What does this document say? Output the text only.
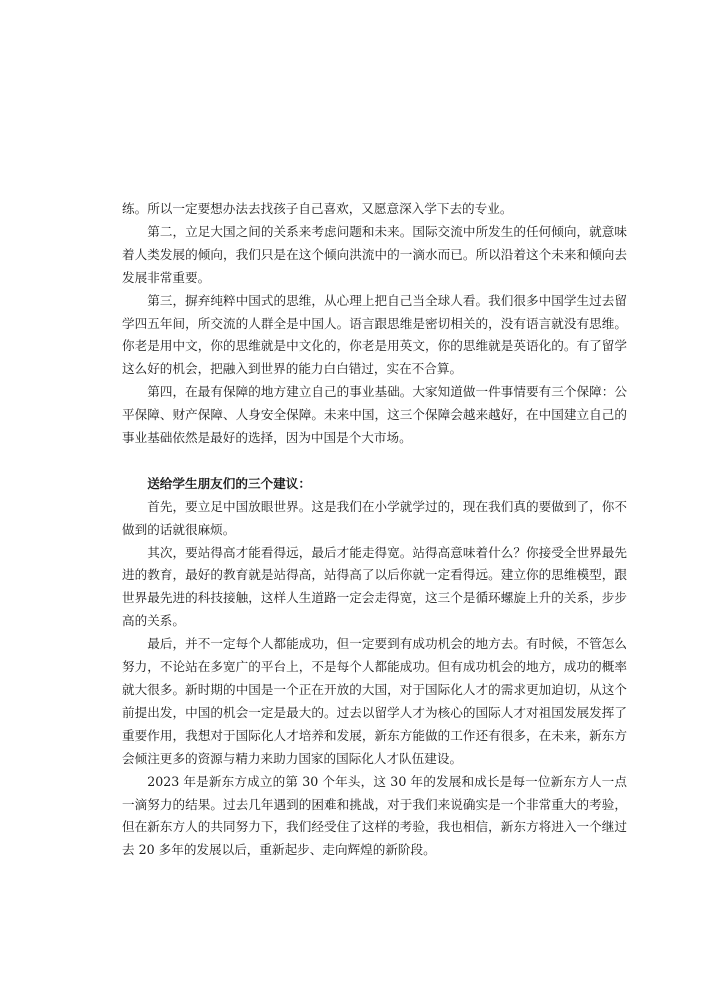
练。所以一定要想办法去找孩子自己喜欢，又愿意深入学下去的专业。

第二，立足大国之间的关系来考虑问题和未来。国际交流中所发生的任何倾向，就意味着人类发展的倾向，我们只是在这个倾向洪流中的一滴水而已。所以沿着这个未来和倾向去发展非常重要。

第三，摒弃纯粹中国式的思维，从心理上把自己当全球人看。我们很多中国学生过去留学四五年间，所交流的人群全是中国人。语言跟思维是密切相关的，没有语言就没有思维。你老是用中文，你的思维就是中文化的，你老是用英文，你的思维就是英语化的。有了留学这么好的机会，把融入到世界的能力白白错过，实在不合算。

第四，在最有保障的地方建立自己的事业基础。大家知道做一件事情要有三个保障：公平保障、财产保障、人身安全保障。未来中国，这三个保障会越来越好，在中国建立自己的事业基础依然是最好的选择，因为中国是个大市场。

送给学生朋友们的三个建议：

首先，要立足中国放眼世界。这是我们在小学就学过的，现在我们真的要做到了，你不做到的话就很麻烦。

其次，要站得高才能看得远，最后才能走得宽。站得高意味着什么？你接受全世界最先进的教育，最好的教育就是站得高，站得高了以后你就一定看得远。建立你的思维模型，跟世界最先进的科技接触，这样人生道路一定会走得宽，这三个是循环螺旋上升的关系，步步高的关系。

最后，并不一定每个人都能成功，但一定要到有成功机会的地方去。有时候，不管怎么努力，不论站在多宽广的平台上，不是每个人都能成功。但有成功机会的地方，成功的概率就大很多。新时期的中国是一个正在开放的大国，对于国际化人才的需求更加迫切，从这个前提出发，中国的机会一定是最大的。过去以留学人才为核心的国际人才对祖国发展发挥了重要作用，我想对于国际化人才培养和发展，新东方能做的工作还有很多，在未来，新东方会倾注更多的资源与精力来助力国家的国际化人才队伍建设。

2023 年是新东方成立的第 30 个年头，这 30 年的发展和成长是每一位新东方人一点一滴努力的结果。过去几年遇到的困难和挑战，对于我们来说确实是一个非常重大的考验，但在新东方人的共同努力下，我们经受住了这样的考验，我也相信，新东方将进入一个继过去 20 多年的发展以后，重新起步、走向辉煌的新阶段。
